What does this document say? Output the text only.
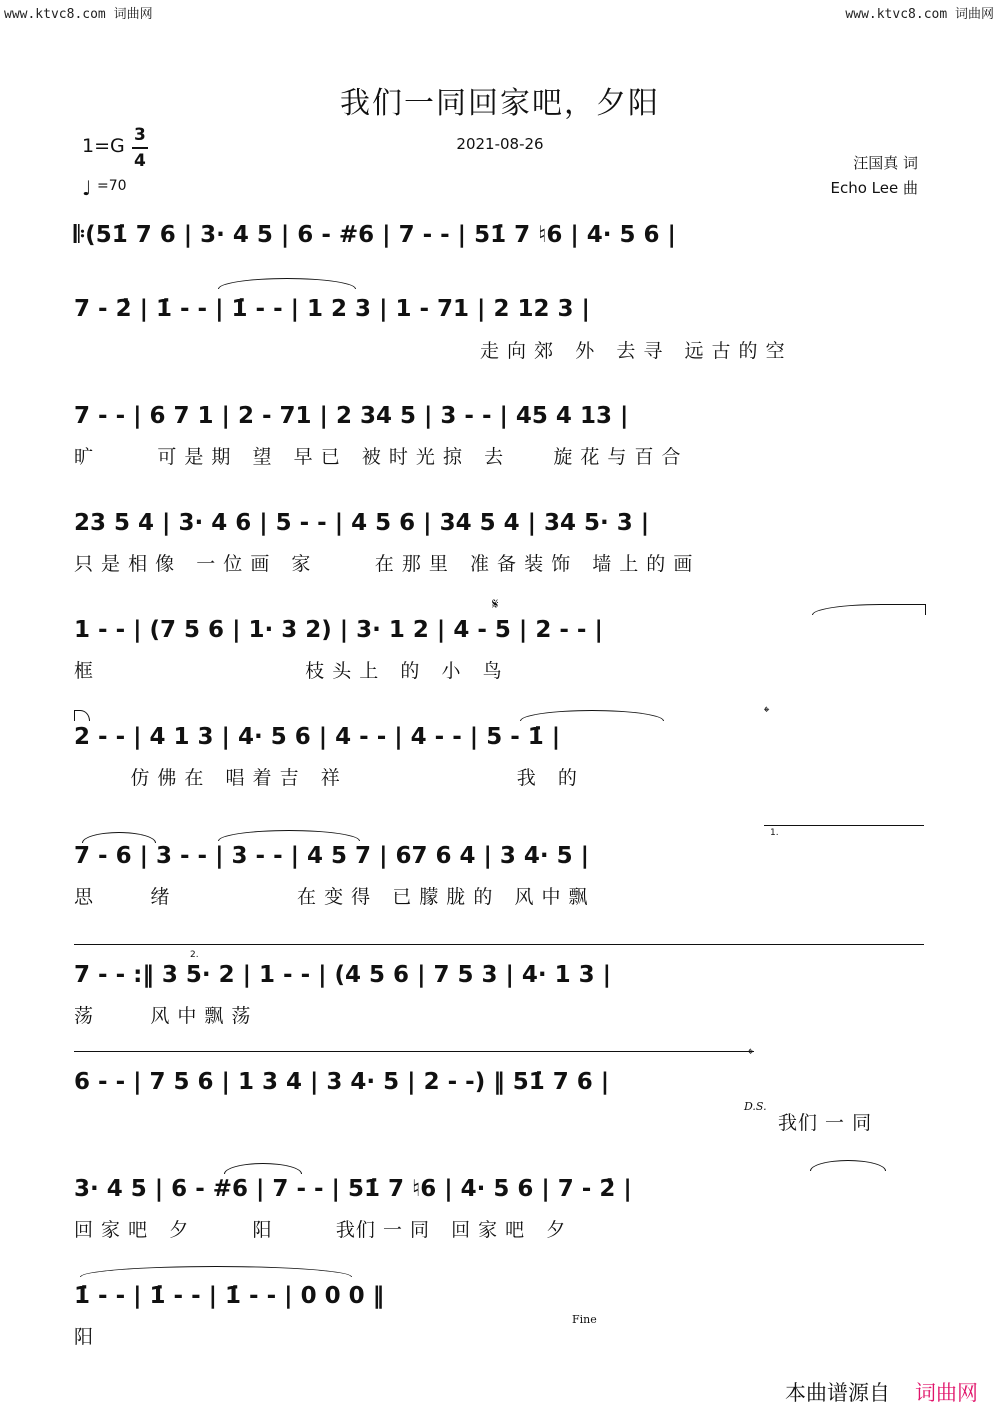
www.ktvc8.com 词曲网	www.ktvc8.com 词曲网
我们一同回家吧，夕阳
2021-08-26
1=G 3
4
♩ =70
汪国真 词
Echo Lee 曲
𝄆(51̇ 7 6 | 3· 4 5 | 6 - #6 | 7 - - | 51̇ 7 ♮6 | 4· 5 6 |
7 - 2̇ | 1̇ - - | 1̇ - - | 1 2 3 | 1 - 71 | 2 12 3 |
走 向 郊   外   去 寻   远 古 的 空
7 - - | 6 7 1 | 2 - 71 | 2 34 5 | 3 - - | 45 4 13 |
旷         可 是 期   望   早 已   被 时 光 掠   去       旋 花 与 百 合
23 5 4 | 3· 4 6 | 5 - - | 4 5 6 | 34 5 4 | 34 5· 3 |
只 是 相 像   一 位 画   家         在 那 里   准 备 装 饰   墙 上 的 画
𝄋
1 - - | (7 5 6 | 1· 3 2) | 3· 1 2 | 4 - 5 | 2 - - |
框                              枝 头 上   的   小   鸟
𝄌
2 - - | 4 1 3 | 4· 5 6 | 4 - - | 4 - - | 5 - 1̇ |
仿 佛 在   唱 着 吉   祥                         我   的
1.
7 - 6 | 3 - - | 3 - - | 4 5 7 | 67 6 4 | 3 4· 5 |
思        绪                  在 变 得   已 朦 胧 的   风 中 飘
2.
7 - - :‖ 3 5· 2 | 1 - - | (4 5 6 | 7 5 3 | 4· 1 3 |
荡        风 中 飘 荡
𝄌
6 - - | 7 5 6 | 1 3 4 | 3 4· 5 | 2 - -) ‖ 51̇ 7 6 |
D.S.
我们 一 同
3· 4 5 | 6 - #6 | 7 - - | 51̇ 7 ♮6 | 4· 5 6 | 7 - 2̇ |
回 家 吧   夕         阳         我们 一 同   回 家 吧   夕
1̇ - - | 1̇ - - | 1̇ - - | 0 0 0 ‖
Fine
阳
本曲谱源自 词曲网
